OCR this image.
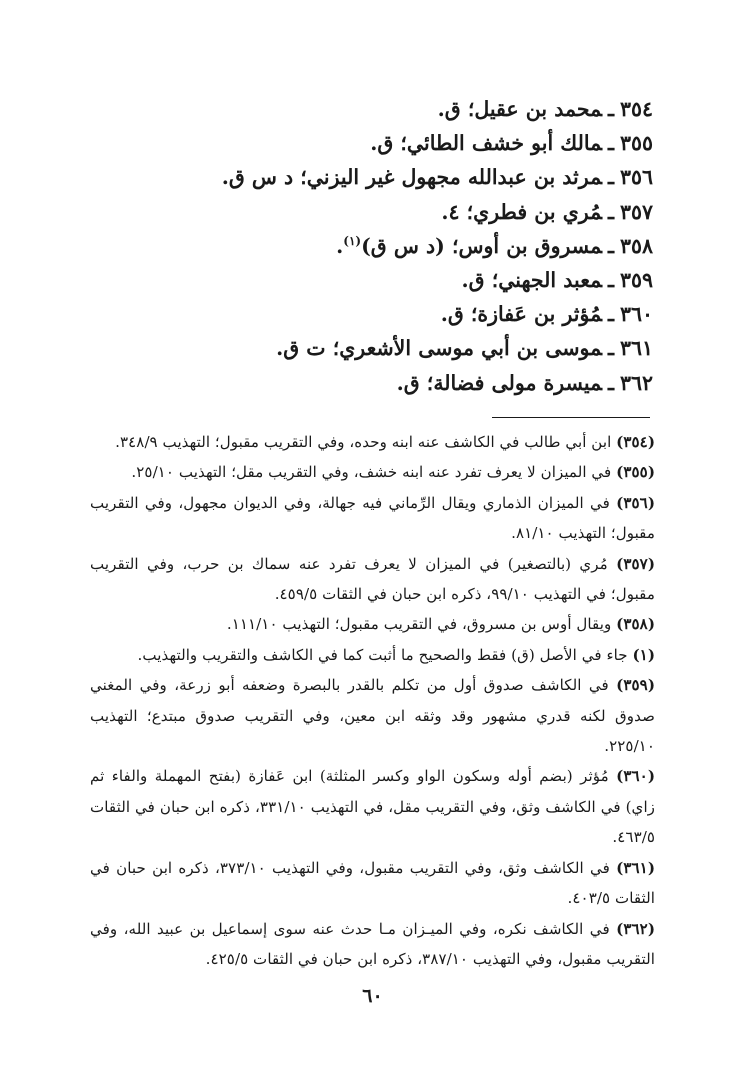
٣٥٤ـمحمد بن عقيل؛ ق.
٣٥٥ـمالك أبو خشف الطائي؛ ق.
٣٥٦ـمرثد بن عبدالله مجهول غير اليزني؛ د س ق.
٣٥٧ـمُري بن فطري؛ ٤.
٣٥٨ـمسروق بن أوس؛ (د س ق)$^{(١)}$.
٣٥٩ـمعبد الجهني؛ ق.
٣٦٠ـمُؤثر بن عَفازة؛ ق.
٣٦١ـموسى بن أبي موسى الأشعري؛ ت ق.
٣٦٢ـميسرة مولى فضالة؛ ق.

(٣٥٤) ابن أبي طالب في الكاشف عنه ابنه وحده، وفي التقريب مقبول؛ التهذيب ٣٤٨/٩.

(٣٥٥) في الميزان لا يعرف تفرد عنه ابنه خشف، وفي التقريب مقل؛ التهذيب ٢٥/١٠.

(٣٥٦) في الميزان الذماري ويقال الرِّماني فيه جهالة، وفي الديوان مجهول، وفي التقريب مقبول؛ التهذيب ٨١/١٠.

(٣٥٧) مُري (بالتصغير) في الميزان لا يعرف تفرد عنه سماك بن حرب، وفي التقريب مقبول؛ في التهذيب ٩٩/١٠، ذكره ابن حبان في الثقات ٤٥٩/٥.

(٣٥٨) ويقال أوس بن مسروق، في التقريب مقبول؛ التهذيب ١١١/١٠.

(١) جاء في الأصل (ق) فقط والصحيح ما أثبت كما في الكاشف والتقريب والتهذيب.

(٣٥٩) في الكاشف صدوق أول من تكلم بالقدر بالبصرة وضعفه أبو زرعة، وفي المغني صدوق لكنه قدري مشهور وقد وثقه ابن معين، وفي التقريب صدوق مبتدع؛ التهذيب ٢٢٥/١٠.

(٣٦٠) مُؤثر (بضم أوله وسكون الواو وكسر المثلثة) ابن عَفازة (بفتح المهملة والفاء ثم زاي) في الكاشف وثق، وفي التقريب مقل، في التهذيب ٣٣١/١٠، ذكره ابن حبان في الثقات ٤٦٣/٥.

(٣٦١) في الكاشف وثق، وفي التقريب مقبول، وفي التهذيب ٣٧٣/١٠، ذكره ابن حبان في الثقات ٤٠٣/٥.

(٣٦٢) في الكاشف نكره، وفي الميـزان مـا حدث عنه سوى إسماعيل بن عبيد الله، وفي التقريب مقبول، وفي التهذيب ٣٨٧/١٠، ذكره ابن حبان في الثقات ٤٢٥/٥.

٦٠
